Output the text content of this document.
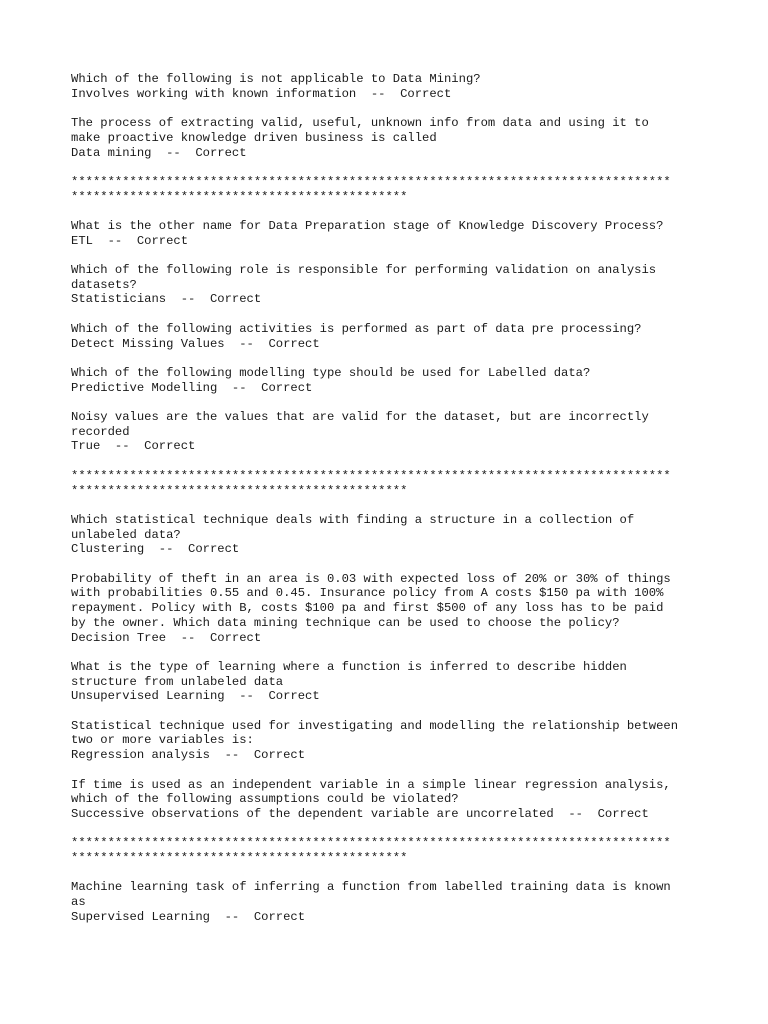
Which of the following is not applicable to Data Mining?
Involves working with known information  --  Correct
The process of extracting valid, useful, unknown info from data and using it to
make proactive knowledge driven business is called
Data mining  --  Correct
**********************************************************************************
**********************************************
What is the other name for Data Preparation stage of Knowledge Discovery Process?
ETL  --  Correct
Which of the following role is responsible for performing validation on analysis
datasets?
Statisticians  --  Correct
Which of the following activities is performed as part of data pre processing?
Detect Missing Values  --  Correct
Which of the following modelling type should be used for Labelled data?
Predictive Modelling  --  Correct
Noisy values are the values that are valid for the dataset, but are incorrectly
recorded
True  --  Correct
**********************************************************************************
**********************************************
Which statistical technique deals with finding a structure in a collection of
unlabeled data?
Clustering  --  Correct
Probability of theft in an area is 0.03 with expected loss of 20% or 30% of things
with probabilities 0.55 and 0.45. Insurance policy from A costs $150 pa with 100%
repayment. Policy with B, costs $100 pa and first $500 of any loss has to be paid
by the owner. Which data mining technique can be used to choose the policy?
Decision Tree  --  Correct
What is the type of learning where a function is inferred to describe hidden
structure from unlabeled data
Unsupervised Learning  --  Correct
Statistical technique used for investigating and modelling the relationship between
two or more variables is:
Regression analysis  --  Correct
If time is used as an independent variable in a simple linear regression analysis,
which of the following assumptions could be violated?
Successive observations of the dependent variable are uncorrelated  --  Correct
**********************************************************************************
**********************************************
Machine learning task of inferring a function from labelled training data is known
as
Supervised Learning  --  Correct
